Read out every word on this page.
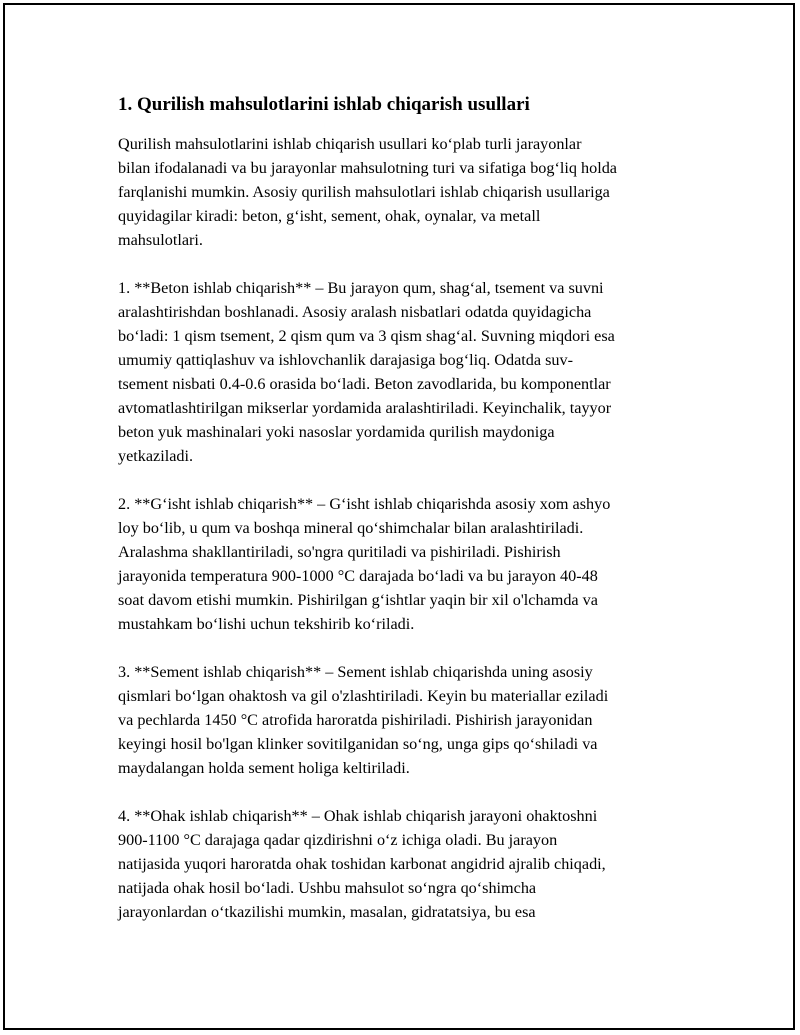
1. Qurilish mahsulotlarini ishlab chiqarish usullari

Qurilish mahsulotlarini ishlab chiqarish usullari koʻplab turli jarayonlar
bilan ifodalanadi va bu jarayonlar mahsulotning turi va sifatiga bogʻliq holda
farqlanishi mumkin. Asosiy qurilish mahsulotlari ishlab chiqarish usullariga
quyidagilar kiradi: beton, gʻisht, sement, ohak, oynalar, va metall
mahsulotlari.

1. **Beton ishlab chiqarish** – Bu jarayon qum, shagʻal, tsement va suvni
aralashtirishdan boshlanadi. Asosiy aralash nisbatlari odatda quyidagicha
boʻladi: 1 qism tsement, 2 qism qum va 3 qism shagʻal. Suvning miqdori esa
umumiy qattiqlashuv va ishlovchanlik darajasiga bogʻliq. Odatda suv-
tsement nisbati 0.4-0.6 orasida boʻladi. Beton zavodlarida, bu komponentlar
avtomatlashtirilgan mikserlar yordamida aralashtiriladi. Keyinchalik, tayyor
beton yuk mashinalari yoki nasoslar yordamida qurilish maydoniga
yetkaziladi.

2. **Gʻisht ishlab chiqarish** – Gʻisht ishlab chiqarishda asosiy xom ashyo
loy boʻlib, u qum va boshqa mineral qoʻshimchalar bilan aralashtiriladi.
Aralashma shakllantiriladi, so'ngra quritiladi va pishiriladi. Pishirish
jarayonida temperatura 900-1000 °C darajada boʻladi va bu jarayon 40-48
soat davom etishi mumkin. Pishirilgan gʻishtlar yaqin bir xil o'lchamda va
mustahkam boʻlishi uchun tekshirib koʻriladi.

3. **Sement ishlab chiqarish** – Sement ishlab chiqarishda uning asosiy
qismlari boʻlgan ohaktosh va gil o'zlashtiriladi. Keyin bu materiallar eziladi
va pechlarda 1450 °C atrofida haroratda pishiriladi. Pishirish jarayonidan
keyingi hosil bo'lgan klinker sovitilganidan soʻng, unga gips qoʻshiladi va
maydalangan holda sement holiga keltiriladi.

4. **Ohak ishlab chiqarish** – Ohak ishlab chiqarish jarayoni ohaktoshni
900-1100 °C darajaga qadar qizdirishni oʻz ichiga oladi. Bu jarayon
natijasida yuqori haroratda ohak toshidan karbonat angidrid ajralib chiqadi,
natijada ohak hosil boʻladi. Ushbu mahsulot soʻngra qoʻshimcha
jarayonlardan oʻtkazilishi mumkin, masalan, gidratatsiya, bu esa
